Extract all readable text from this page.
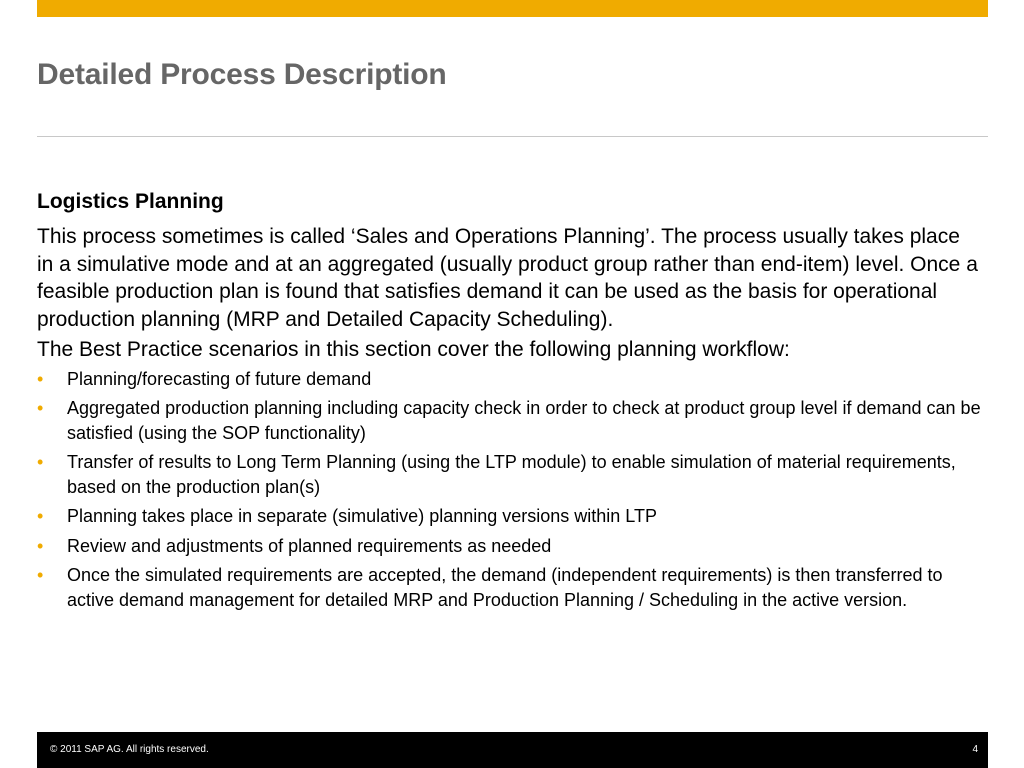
Detailed Process Description

Logistics Planning

This process sometimes is called ‘Sales and Operations Planning’. The process usually takes place in a simulative mode and at an aggregated (usually product group rather than end-item) level. Once a feasible production plan is found that satisfies demand it can be used as the basis for operational production planning (MRP and Detailed Capacity Scheduling).

The Best Practice scenarios in this section cover the following planning workflow:

• Planning/forecasting of future demand
• Aggregated production planning including capacity check in order to check at product group level if demand can be satisfied (using the SOP functionality)
• Transfer of results to Long Term Planning (using the LTP module) to enable simulation of material requirements, based on the production plan(s)
• Planning takes place in separate (simulative) planning versions within LTP
• Review and adjustments of planned requirements as needed
• Once the simulated requirements are accepted, the demand (independent requirements) is then transferred to active demand management for detailed MRP and Production Planning / Scheduling in the active version.
© 2011 SAP AG. All rights reserved.	4
